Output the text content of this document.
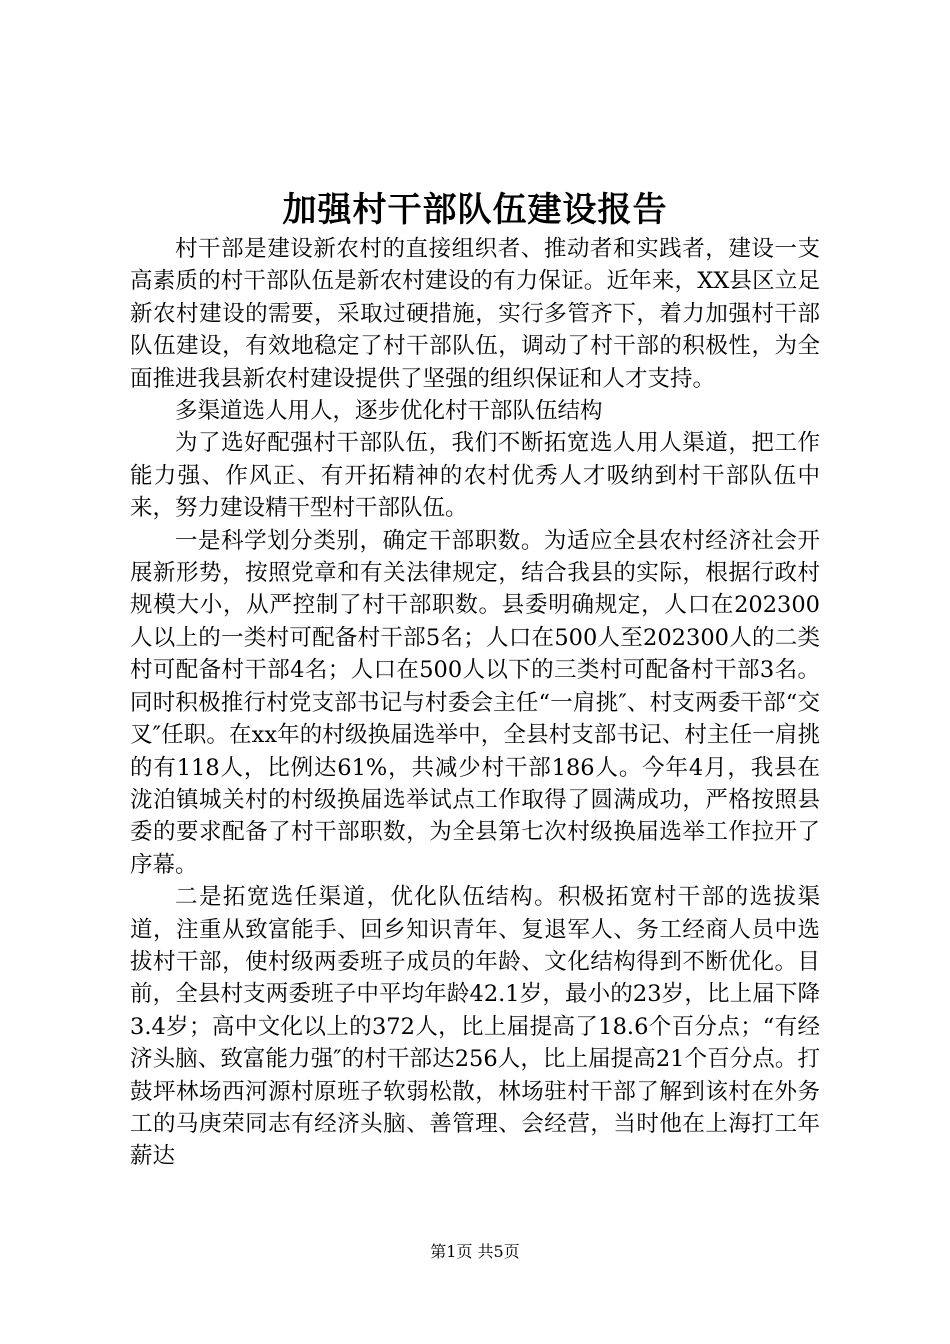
加强村干部队伍建设报告

村干部是建设新农村的直接组织者、推动者和实践者，建设一支高素质的村干部队伍是新农村建设的有力保证。近年来，XX县区立足新农村建设的需要，采取过硬措施，实行多管齐下，着力加强村干部队伍建设，有效地稳定了村干部队伍，调动了村干部的积极性，为全面推进我县新农村建设提供了坚强的组织保证和人才支持。

多渠道选人用人，逐步优化村干部队伍结构

为了选好配强村干部队伍，我们不断拓宽选人用人渠道，把工作能力强、作风正、有开拓精神的农村优秀人才吸纳到村干部队伍中来，努力建设精干型村干部队伍。

一是科学划分类别，确定干部职数。为适应全县农村经济社会开展新形势，按照党章和有关法律规定，结合我县的实际，根据行政村规模大小，从严控制了村干部职数。县委明确规定，人口在202300人以上的一类村可配备村干部5名；人口在500人至202300人的二类村可配备村干部4名；人口在500人以下的三类村可配备村干部3名。同时积极推行村党支部书记与村委会主任“一肩挑″、村支两委干部“交叉″任职。在xx年的村级换届选举中，全县村支部书记、村主任一肩挑的有118人，比例达61%，共减少村干部186人。今年4月，我县在泷泊镇城关村的村级换届选举试点工作取得了圆满成功，严格按照县委的要求配备了村干部职数，为全县第七次村级换届选举工作拉开了序幕。

二是拓宽选任渠道，优化队伍结构。积极拓宽村干部的选拔渠道，注重从致富能手、回乡知识青年、复退军人、务工经商人员中选拔村干部，使村级两委班子成员的年龄、文化结构得到不断优化。目前，全县村支两委班子中平均年龄42.1岁，最小的23岁，比上届下降3.4岁；高中文化以上的372人，比上届提高了18.6个百分点；“有经济头脑、致富能力强″的村干部达256人，比上届提高21个百分点。打鼓坪林场西河源村原班子软弱松散，林场驻村干部了解到该村在外务工的马庚荣同志有经济头脑、善管理、会经营，当时他在上海打工年薪达

第1页 共5页
